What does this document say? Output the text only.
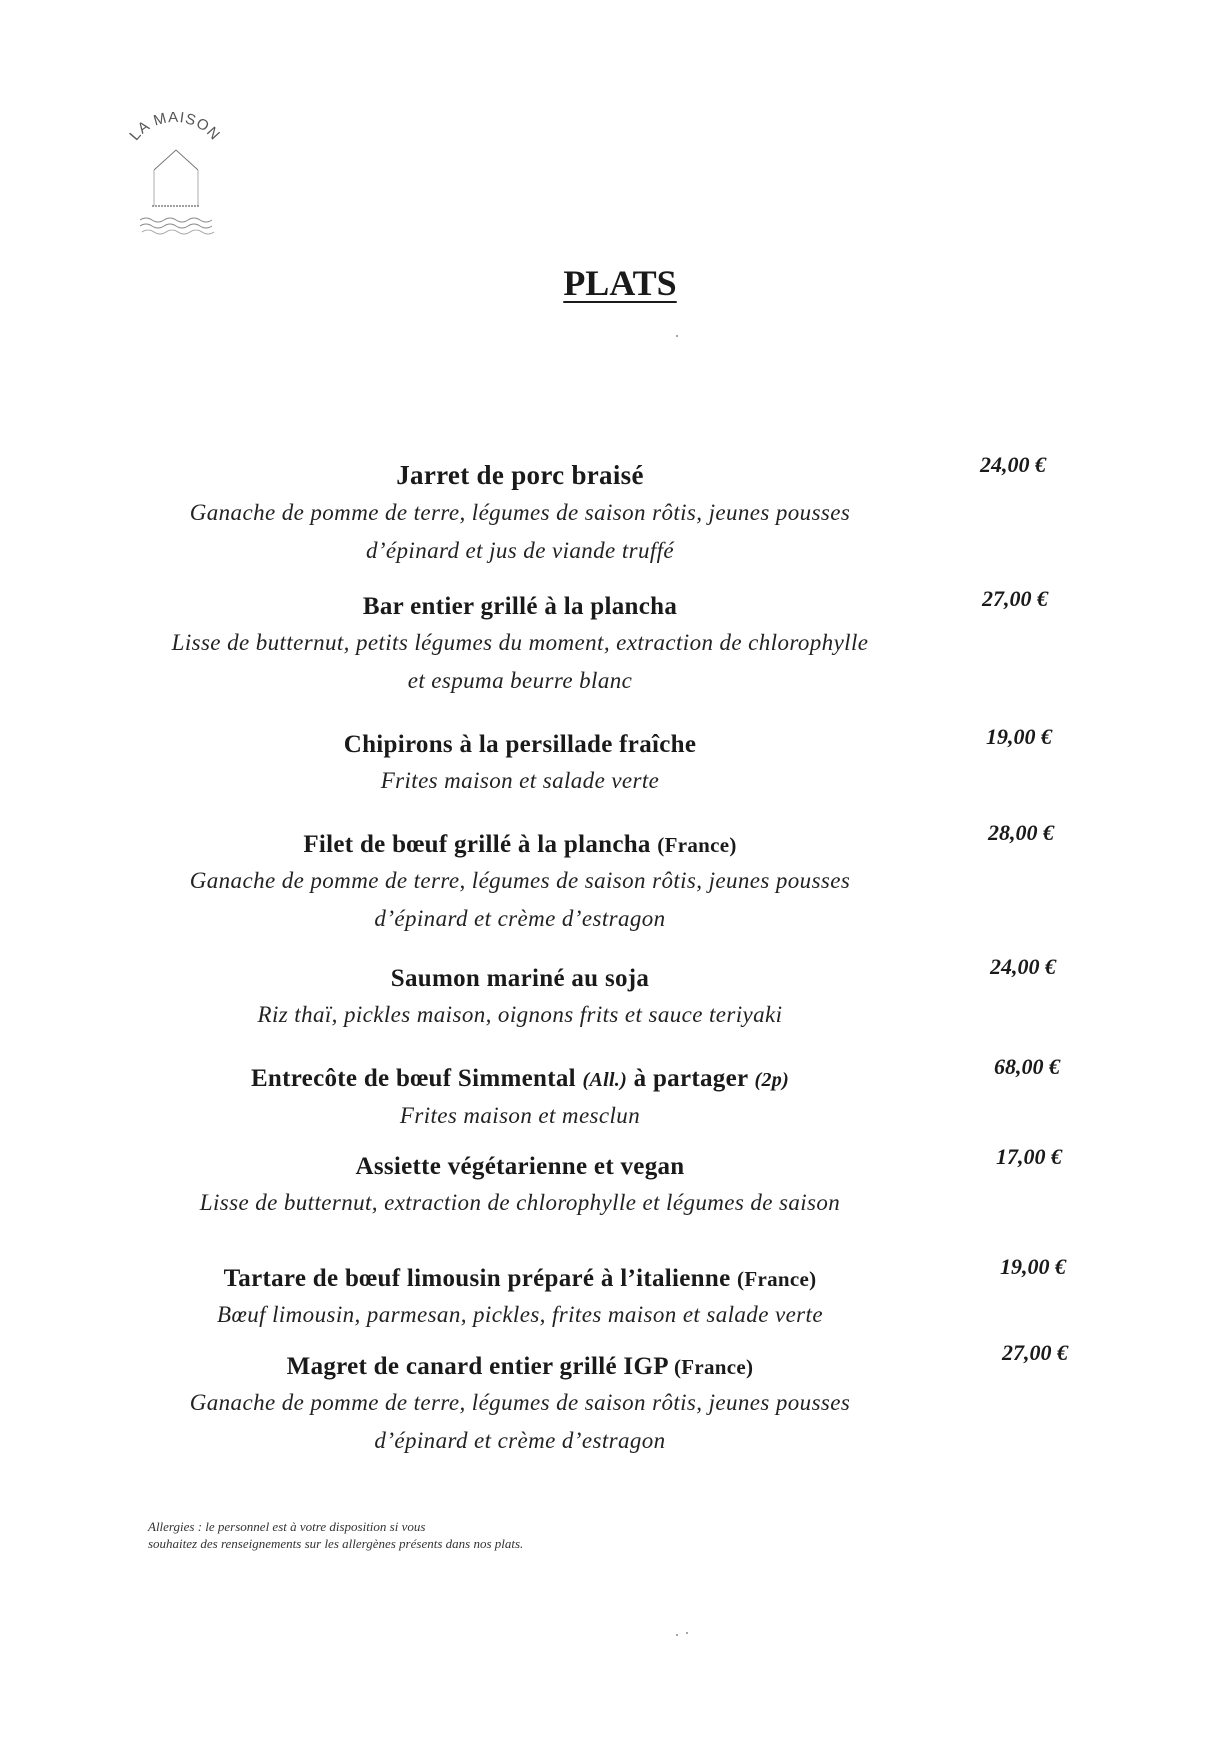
LA MAISON
PLATS
Jarret de porc braisé
Ganache de pomme de terre, légumes de saison rôtis, jeunes pousses
d’épinard et jus de viande truffé
24,00 €
Bar entier grillé à la plancha
Lisse de butternut, petits légumes du moment, extraction de chlorophylle
et espuma beurre blanc
27,00 €
Chipirons à la persillade fraîche
Frites maison et salade verte
19,00 €
Filet de bœuf grillé à la plancha (France)
Ganache de pomme de terre, légumes de saison rôtis, jeunes pousses
d’épinard et crème d’estragon
28,00 €
Saumon mariné au soja
Riz thaï, pickles maison, oignons frits et sauce teriyaki
24,00 €
Entrecôte de bœuf Simmental (All.) à partager (2p)
Frites maison et mesclun
68,00 €
Assiette végétarienne et vegan
Lisse de butternut, extraction de chlorophylle et légumes de saison
17,00 €
Tartare de bœuf limousin préparé à l’italienne (France)
Bœuf limousin, parmesan, pickles, frites maison et salade verte
19,00 €
Magret de canard entier grillé IGP (France)
Ganache de pomme de terre, légumes de saison rôtis, jeunes pousses
d’épinard et crème d’estragon
27,00 €
Allergies : le personnel est à votre disposition si vous
souhaitez des renseignements sur les allergènes présents dans nos plats.
